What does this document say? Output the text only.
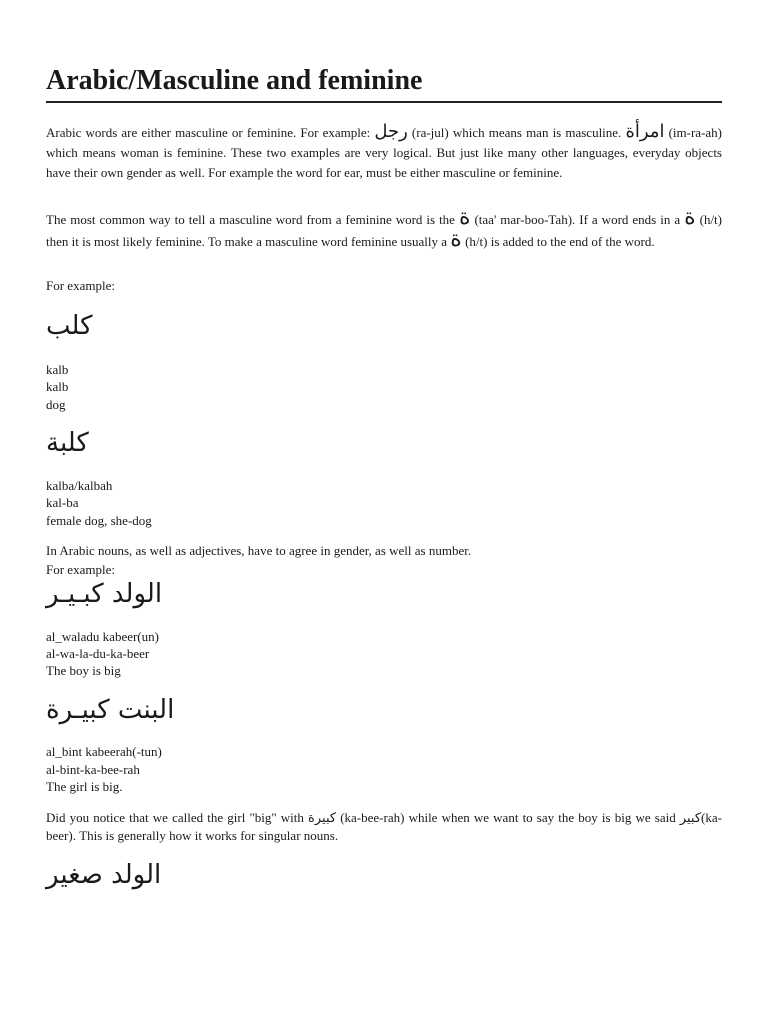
Arabic/Masculine and feminine

Arabic words are either masculine or feminine. For example: رجل (ra-jul) which means man is masculine. امرأة (im-ra-ah) which means woman is feminine. These two examples are very logical. But just like many other languages, everyday objects have their own gender as well. For example the word for ear, must be either masculine or feminine.

The most common way to tell a masculine word from a feminine word is the ة (taa' mar-boo-Tah). If a word ends in a ة (h/t) then it is most likely feminine. To make a masculine word feminine usually a ة (h/t) is added to the end of the word.

For example:
كلب
kalb
kalb
dog
كلبة
kalba/kalbah
kal-ba
female dog, she-dog

In Arabic nouns, as well as adjectives, have to agree in gender, as well as number.

For example:
الولد كبـيـر
al_waladu kabeer(un)
al-wa-la-du-ka-beer
The boy is big
البنت كبيـرة
al_bint kabeerah(-tun)
al-bint-ka-bee-rah
The girl is big.

Did you notice that we called the girl "big" with كبيرة (ka-bee-rah) while when we want to say the boy is big we said كبير(ka-beer). This is generally how it works for singular nouns.

الولد صغير
